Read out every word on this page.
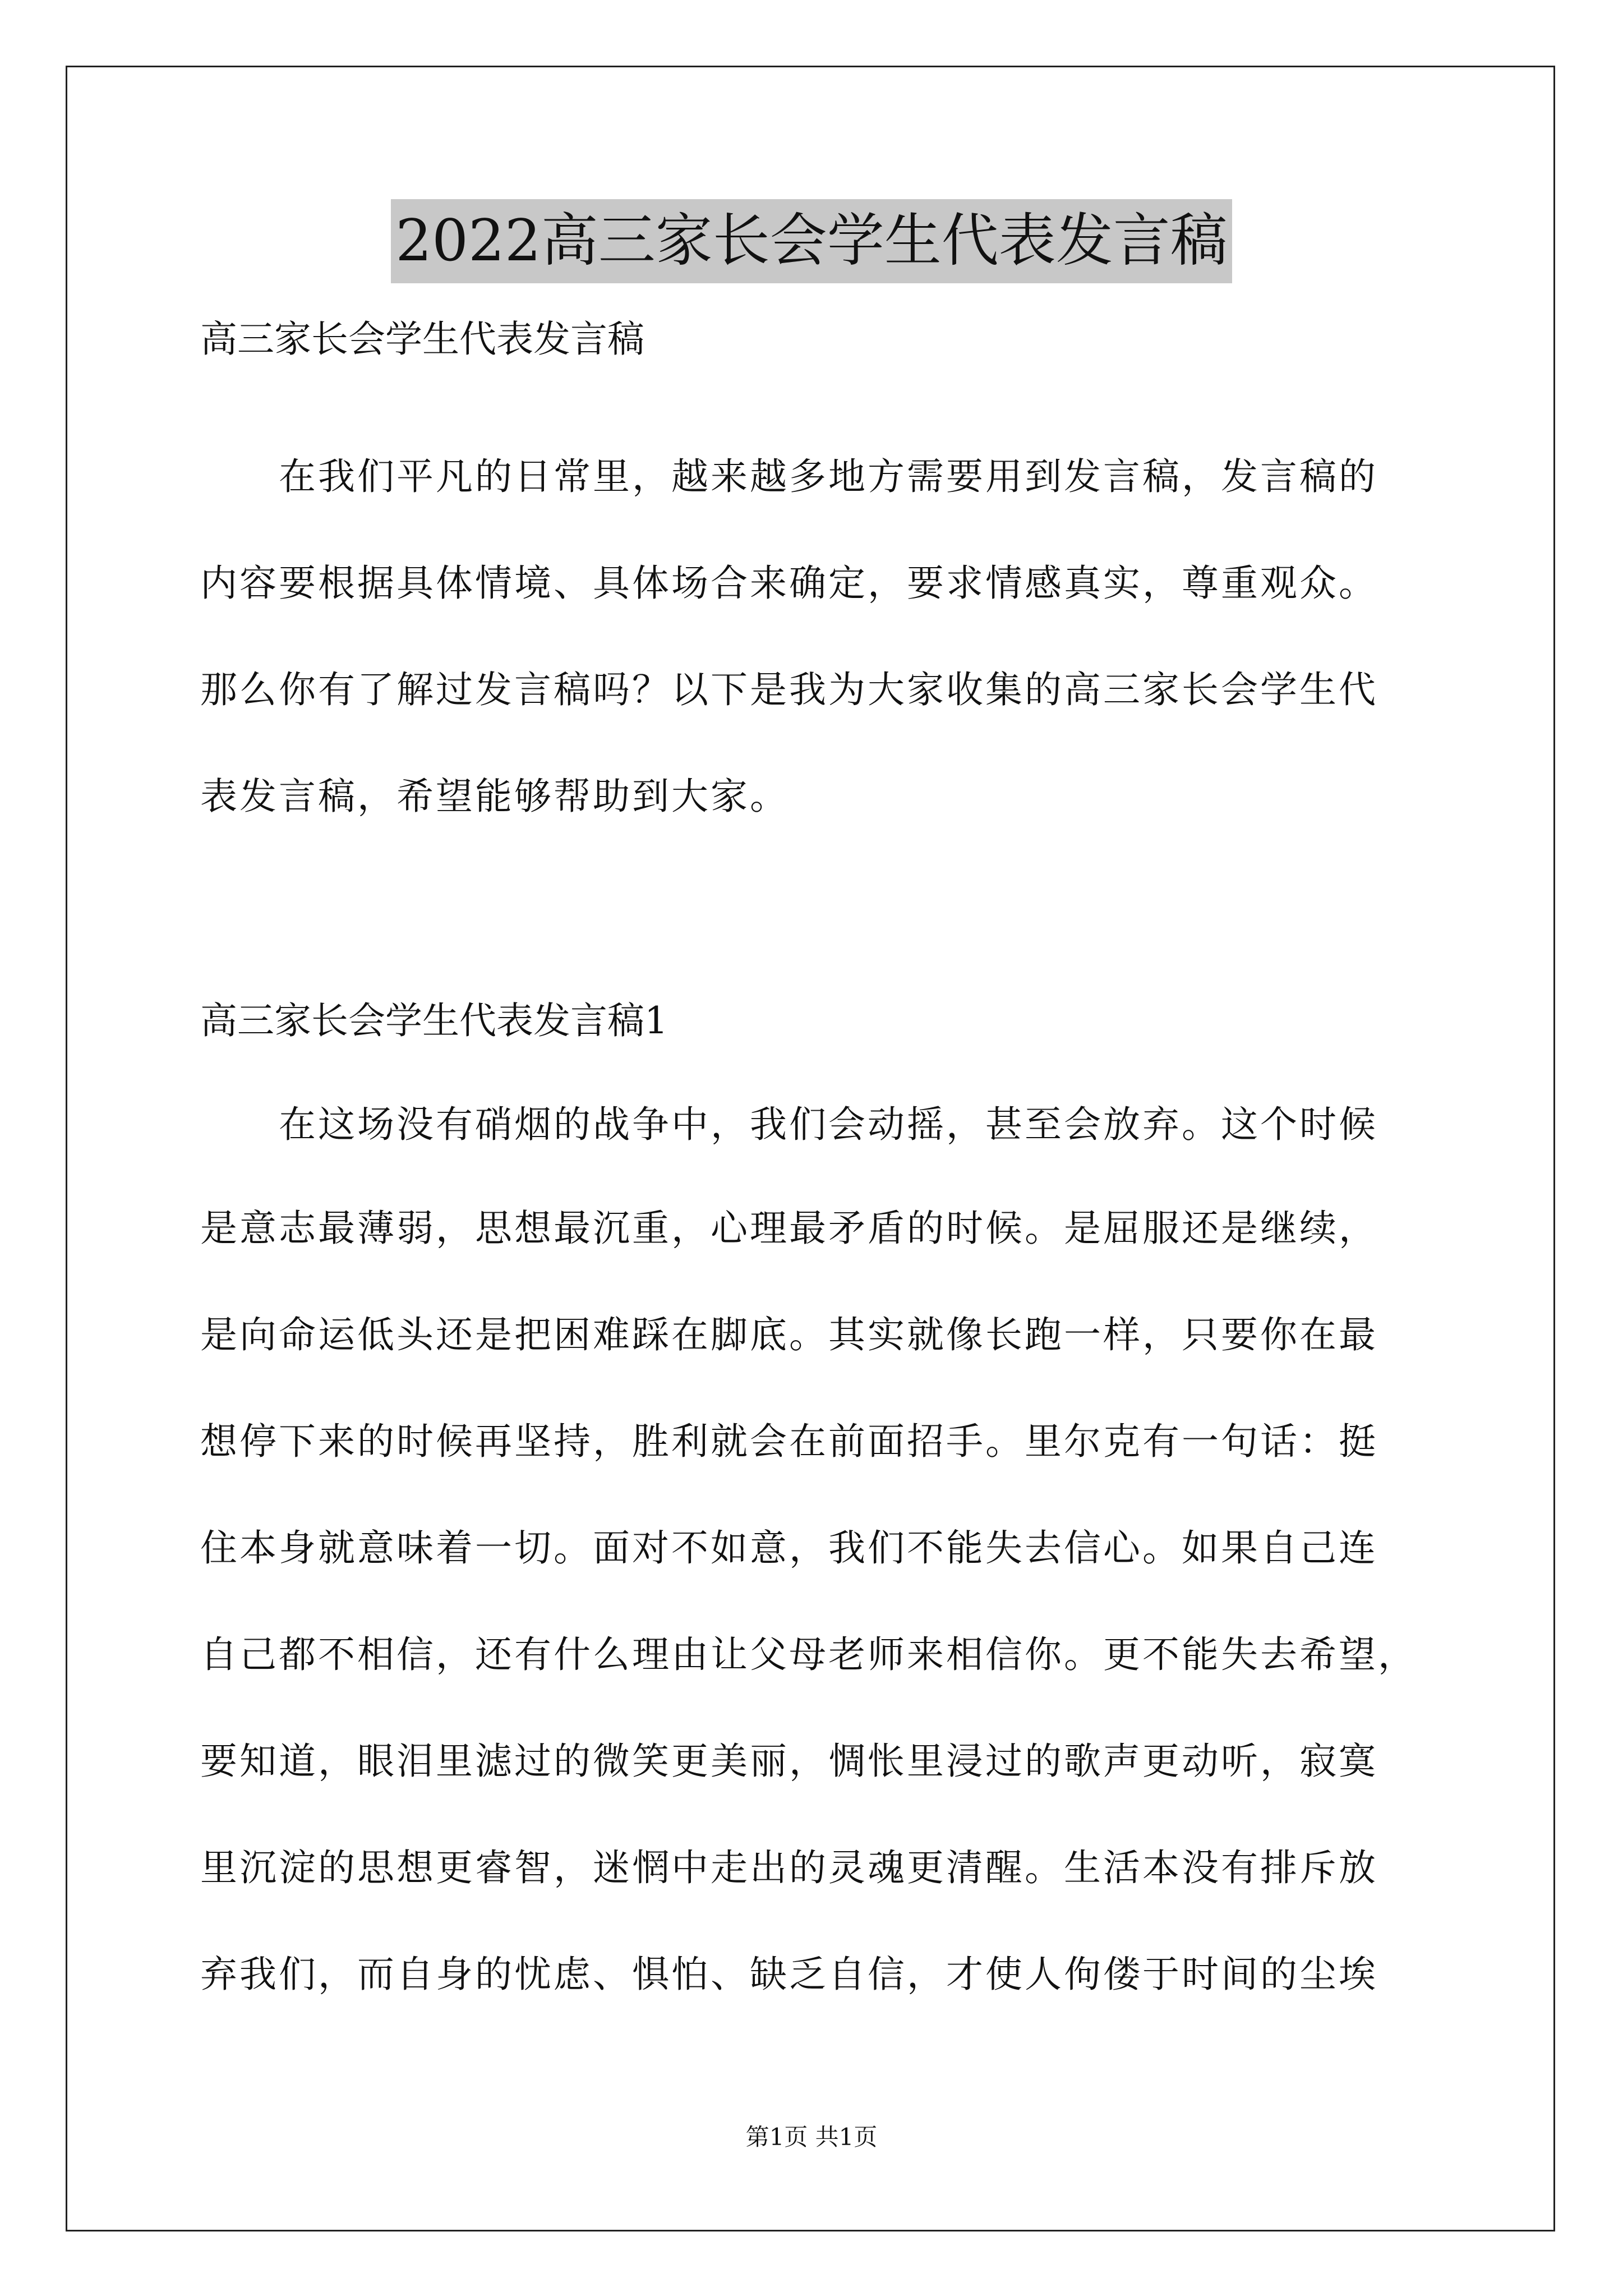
2022高三家长会学生代表发言稿

高三家长会学生代表发言稿

在我们平凡的日常里，越来越多地方需要用到发言稿，发言稿的

内容要根据具体情境、具体场合来确定，要求情感真实，尊重观众。

那么你有了解过发言稿吗？以下是我为大家收集的高三家长会学生代

表发言稿，希望能够帮助到大家。

高三家长会学生代表发言稿1

在这场没有硝烟的战争中，我们会动摇，甚至会放弃。这个时候

是意志最薄弱，思想最沉重，心理最矛盾的时候。是屈服还是继续，

是向命运低头还是把困难踩在脚底。其实就像长跑一样，只要你在最

想停下来的时候再坚持，胜利就会在前面招手。里尔克有一句话：挺

住本身就意味着一切。面对不如意，我们不能失去信心。如果自己连

自己都不相信，还有什么理由让父母老师来相信你。更不能失去希望，

要知道，眼泪里滤过的微笑更美丽，惆怅里浸过的歌声更动听，寂寞

里沉淀的思想更睿智，迷惘中走出的灵魂更清醒。生活本没有排斥放

弃我们，而自身的忧虑、惧怕、缺乏自信，才使人佝偻于时间的尘埃

第1页 共1页
